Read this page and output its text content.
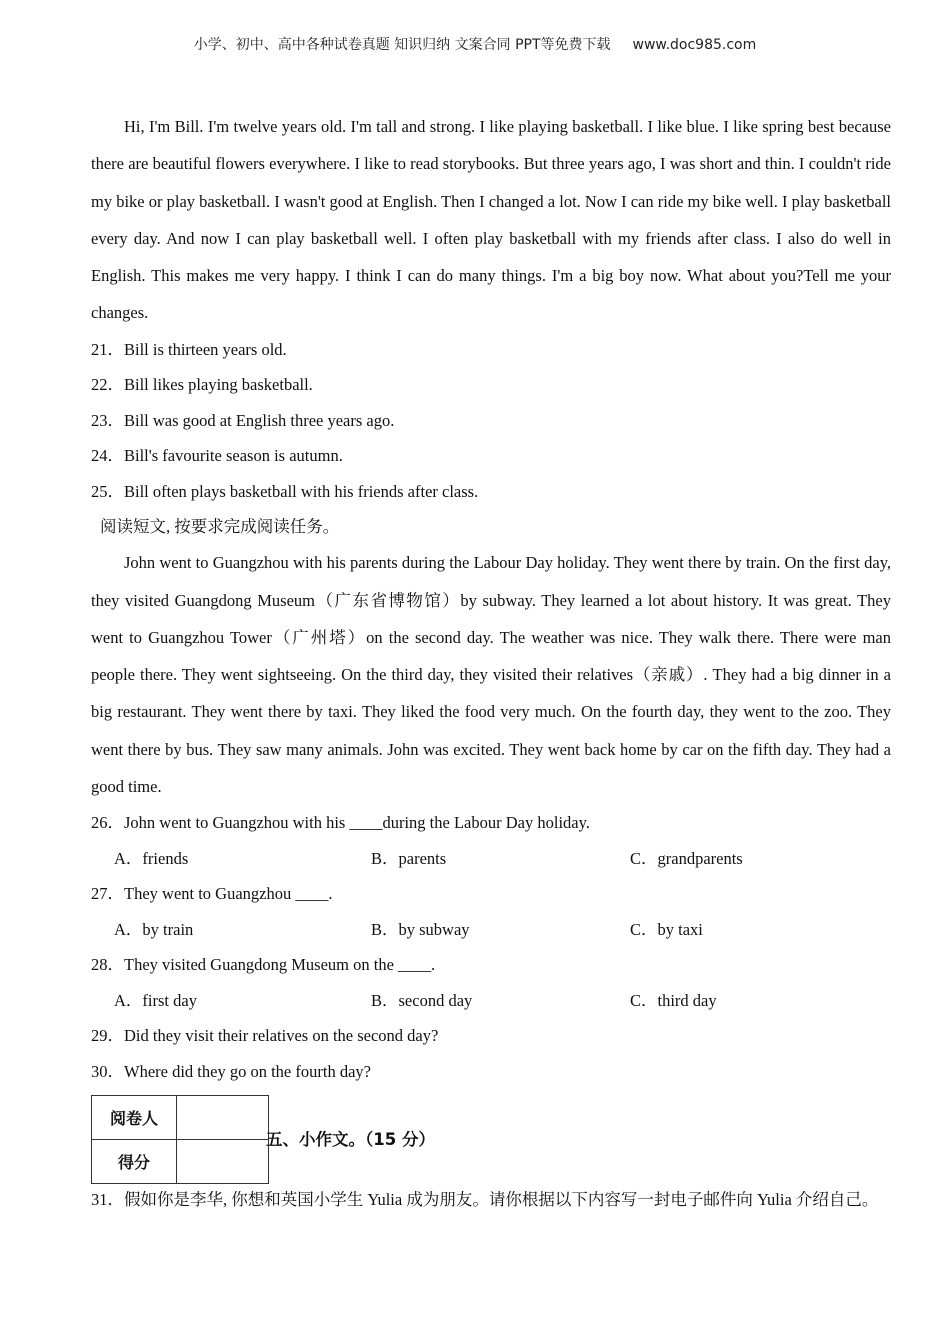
小学、初中、高中各种试卷真题 知识归纳 文案合同 PPT等免费下载 www.doc985.com

Hi, I'm Bill. I'm twelve years old. I'm tall and strong. I like playing basketball. I like blue. I like spring best because there are beautiful flowers everywhere. I like to read storybooks. But three years ago, I was short and thin. I couldn't ride my bike or play basketball. I wasn't good at English. Then I changed a lot. Now I can ride my bike well. I play basketball every day. And now I can play basketball well. I often play basketball with my friends after class. I also do well in English. This makes me very happy. I think I can do many things. I'm a big boy now. What about you?Tell me your changes.

21．Bill is thirteen years old.

22．Bill likes playing basketball.

23．Bill was good at English three years ago.

24．Bill's favourite season is autumn.

25．Bill often plays basketball with his friends after class.

阅读短文, 按要求完成阅读任务。

John went to Guangzhou with his parents during the Labour Day holiday. They went there by train. On the first day, they visited Guangdong Museum（广东省博物馆）by subway. They learned a lot about history. It was great. They went to Guangzhou Tower（广州塔）on the second day. The weather was nice. They walk there. There were man people there. They went sightseeing. On the third day, they visited their relatives（亲戚）. They had a big dinner in a big restaurant. They went there by taxi. They liked the food very much. On the fourth day, they went to the zoo. They went there by bus. They saw many animals. John was excited. They went back home by car on the fifth day. They had a good time.

26．John went to Guangzhou with his ____during the Labour Day holiday.

A．friends	B．parents	C．grandparents

27．They went to Guangzhou ____.

A．by train	B．by subway	C．by taxi

28．They visited Guangdong Museum on the ____.

A．first day	B．second day	C．third day

29．Did they visit their relatives on the second day?

30．Where did they go on the fourth day?

阅卷人	
得分	
五、小作文。（15 分）

31．假如你是李华, 你想和英国小学生 Yulia 成为朋友。请你根据以下内容写一封电子邮件向 Yulia 介绍自己。
